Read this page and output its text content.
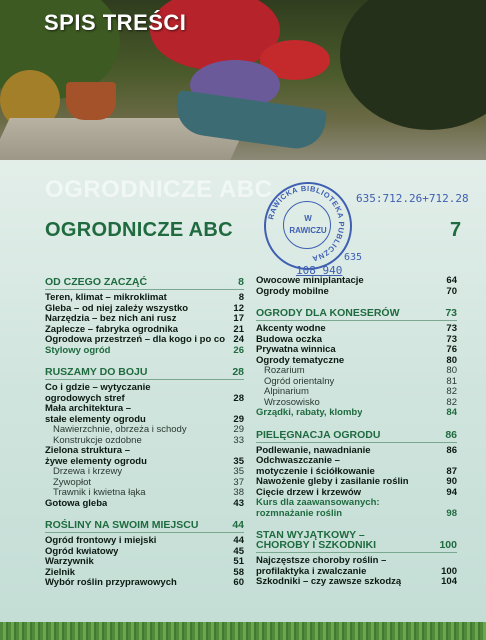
SPIS TREŚCI
OGRODNICZE ABC
OGRODNICZE ABC	7
RAWICKA BIBLIOTEKA PUBLICZNA
W
RAWICZU
635:712.26+712.28
108 940
635
OD CZEGO ZACZĄĆ	8
Teren, klimat – mikroklimat	8
Gleba – od niej zależy wszystko	12
Narzędzia – bez nich ani rusz	17
Zaplecze – fabryka ogrodnika	21
Ogrodowa przestrzeń – dla kogo i po co 24
Stylowy ogród	26
RUSZAMY DO BOJU	28
Co i gdzie – wytyczanie
ogrodowych stref	28
Mała architektura –
stałe elementy ogrodu	29
Nawierzchnie, obrzeża i schody	29
Konstrukcje ozdobne	33
Zielona struktura –
żywe elementy ogrodu	35
Drzewa i krzewy	35
Żywopłot	37
Trawnik i kwietna łąka	38
Gotowa gleba	43
ROŚLINY NA SWOIM MIEJSCU	44
Ogród frontowy i miejski	44
Ogród kwiatowy	45
Warzywnik	51
Zielnik	58
Wybór roślin przyprawowych	60
Owocowe miniplantacje	64
Ogrody mobilne	70
OGRODY DLA KONESERÓW	73
Akcenty wodne	73
Budowa oczka	73
Prywatna winnica	76
Ogrody tematyczne	80
Rozarium	80
Ogród orientalny	81
Alpinarium	82
Wrzosowisko	82
Grządki, rabaty, klomby	84
PIELĘGNACJA OGRODU	86
Podlewanie, nawadnianie	86
Odchwaszczanie –
motyczenie i ściółkowanie	87
Nawożenie gleby i zasilanie roślin	90
Cięcie drzew i krzewów	94
Kurs dla zaawansowanych:
rozmnażanie roślin	98
STAN WYJĄTKOWY –
CHOROBY I SZKODNIKI	100
Najczęstsze choroby roślin –
profilaktyka i zwalczanie	100
Szkodniki – czy zawsze szkodzą	104
